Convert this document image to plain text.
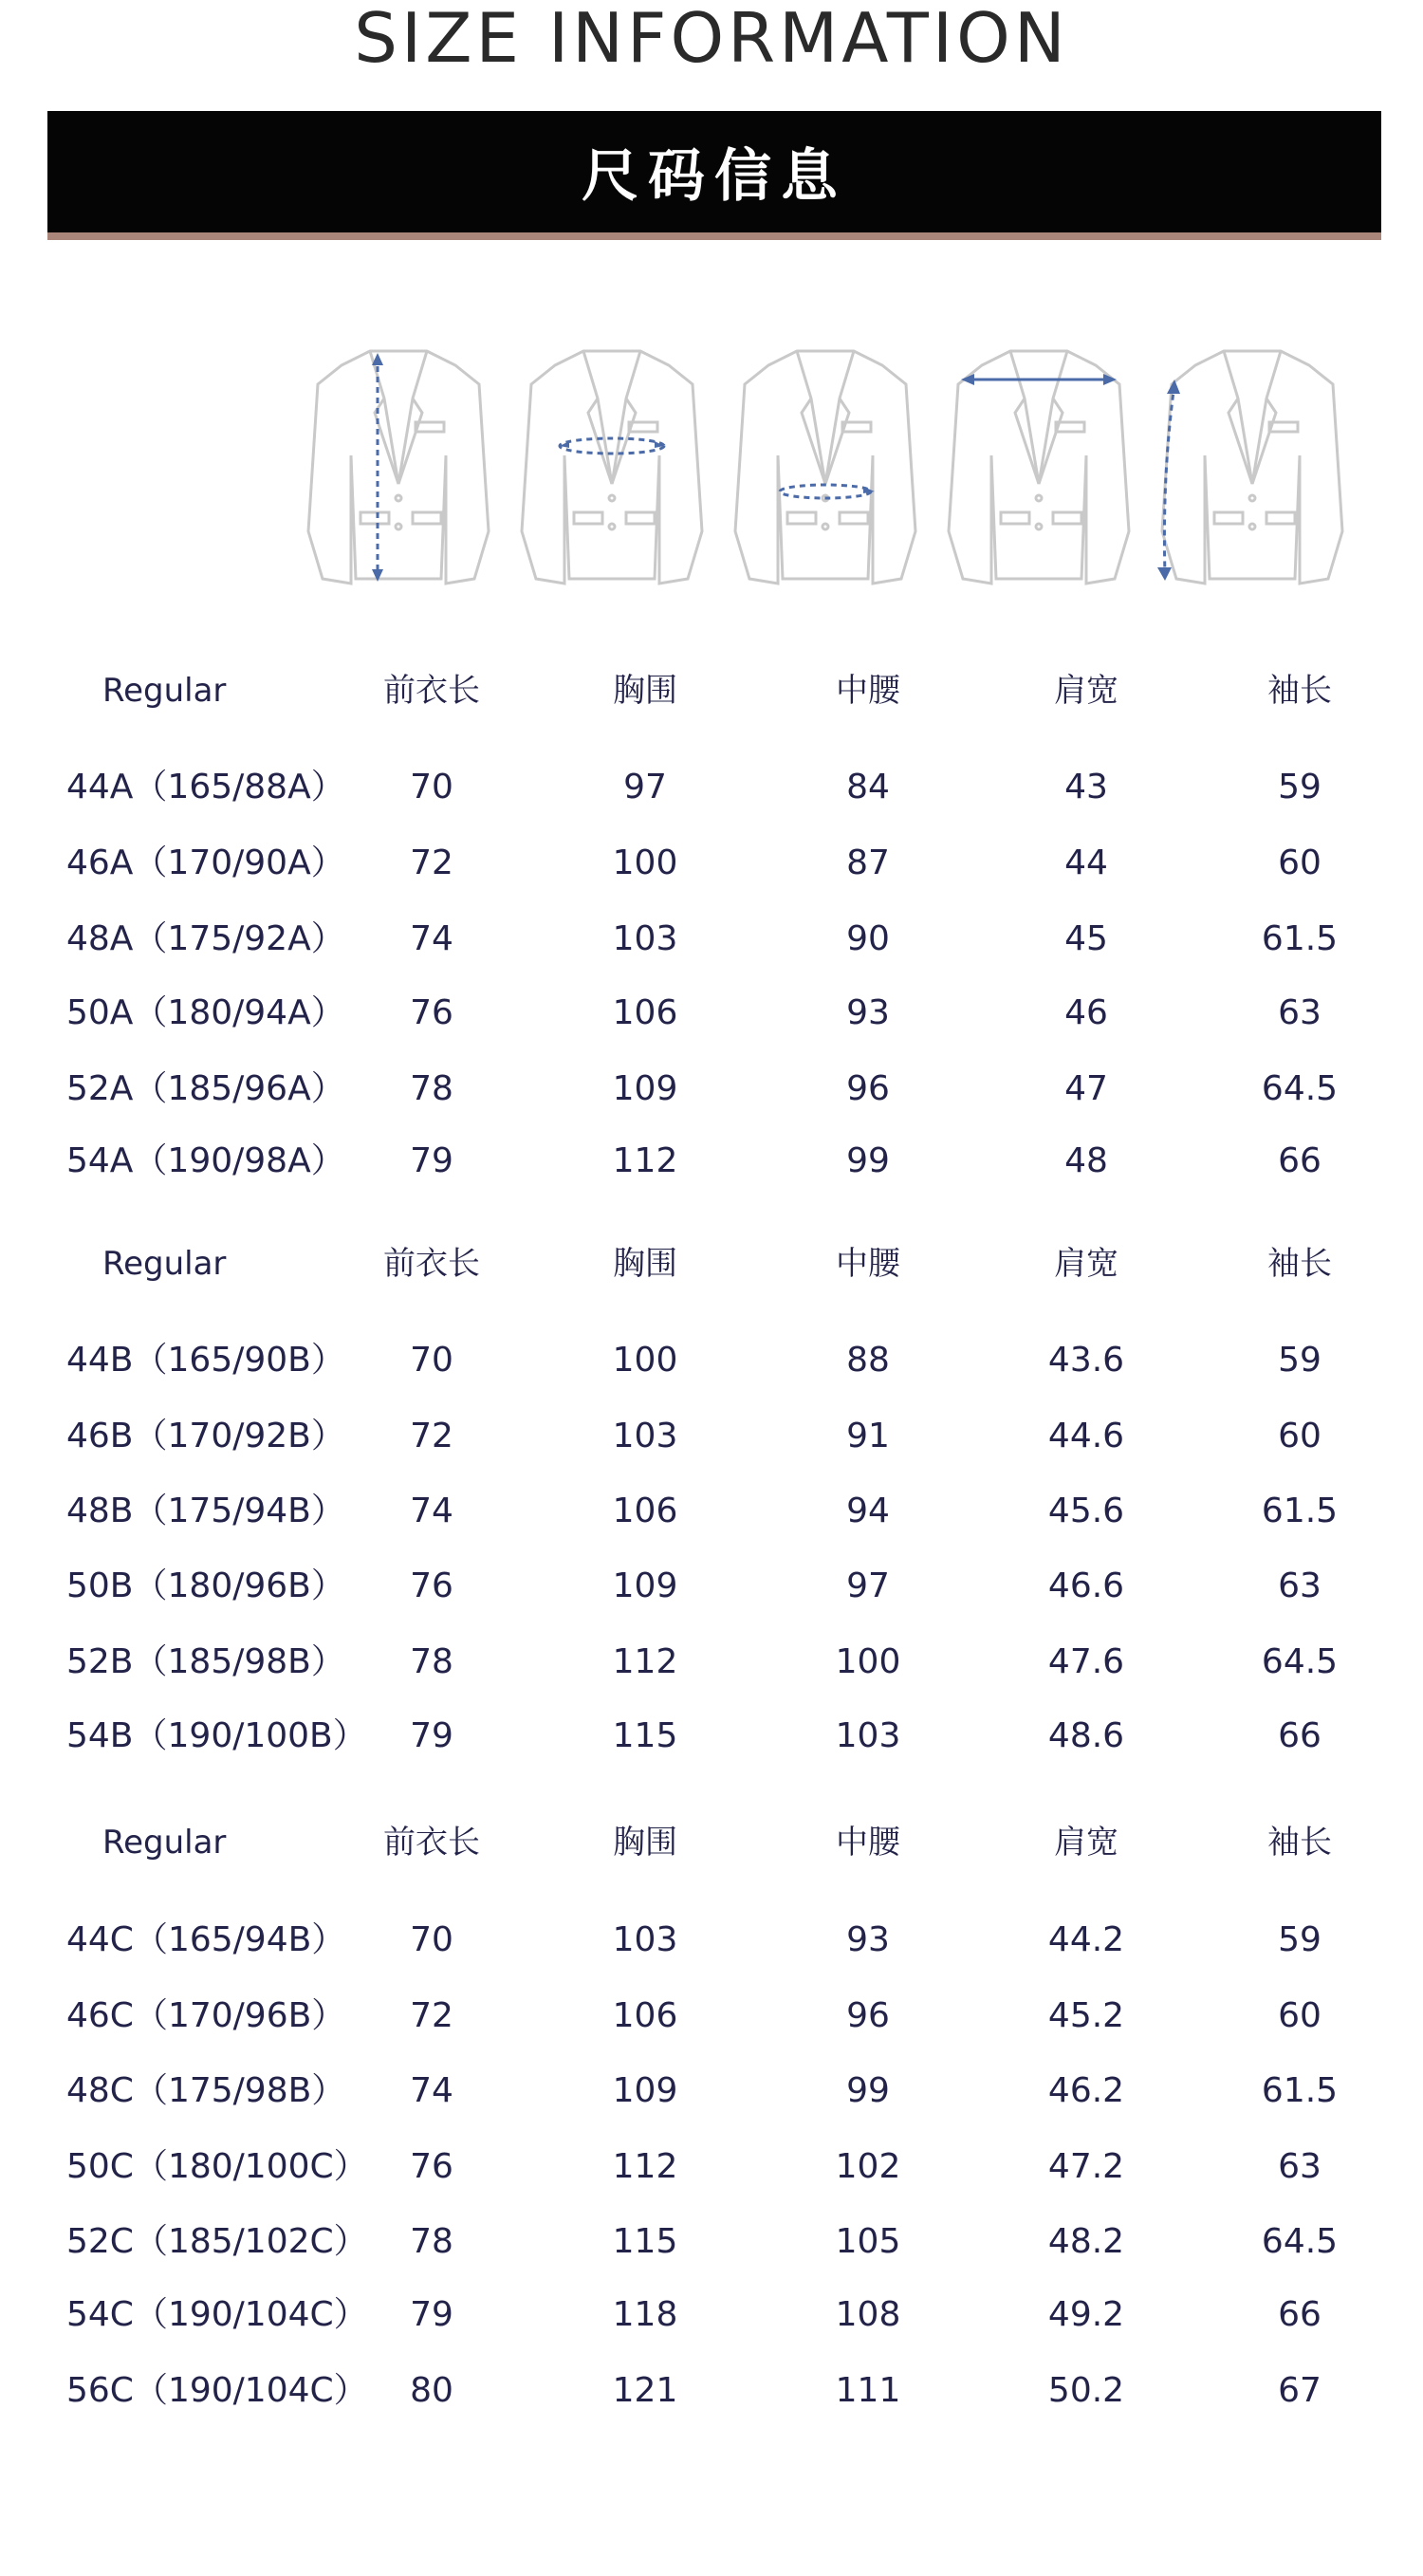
SIZE INFORMATION
尺码信息
Regular	前衣长	胸围	中腰	肩宽	袖长
44A（165/88A）	70	97	84	43	59
46A（170/90A）	72	100	87	44	60
48A（175/92A）	74	103	90	45	61.5
50A（180/94A）	76	106	93	46	63
52A（185/96A）	78	109	96	47	64.5
54A（190/98A）	79	112	99	48	66
Regular	前衣长	胸围	中腰	肩宽	袖长
44B（165/90B）	70	100	88	43.6	59
46B（170/92B）	72	103	91	44.6	60
48B（175/94B）	74	106	94	45.6	61.5
50B（180/96B）	76	109	97	46.6	63
52B（185/98B）	78	112	100	47.6	64.5
54B（190/100B）	79	115	103	48.6	66
Regular	前衣长	胸围	中腰	肩宽	袖长
44C（165/94B）	70	103	93	44.2	59
46C（170/96B）	72	106	96	45.2	60
48C（175/98B）	74	109	99	46.2	61.5
50C（180/100C）	76	112	102	47.2	63
52C（185/102C）	78	115	105	48.2	64.5
54C（190/104C）	79	118	108	49.2	66
56C（190/104C）	80	121	111	50.2	67
